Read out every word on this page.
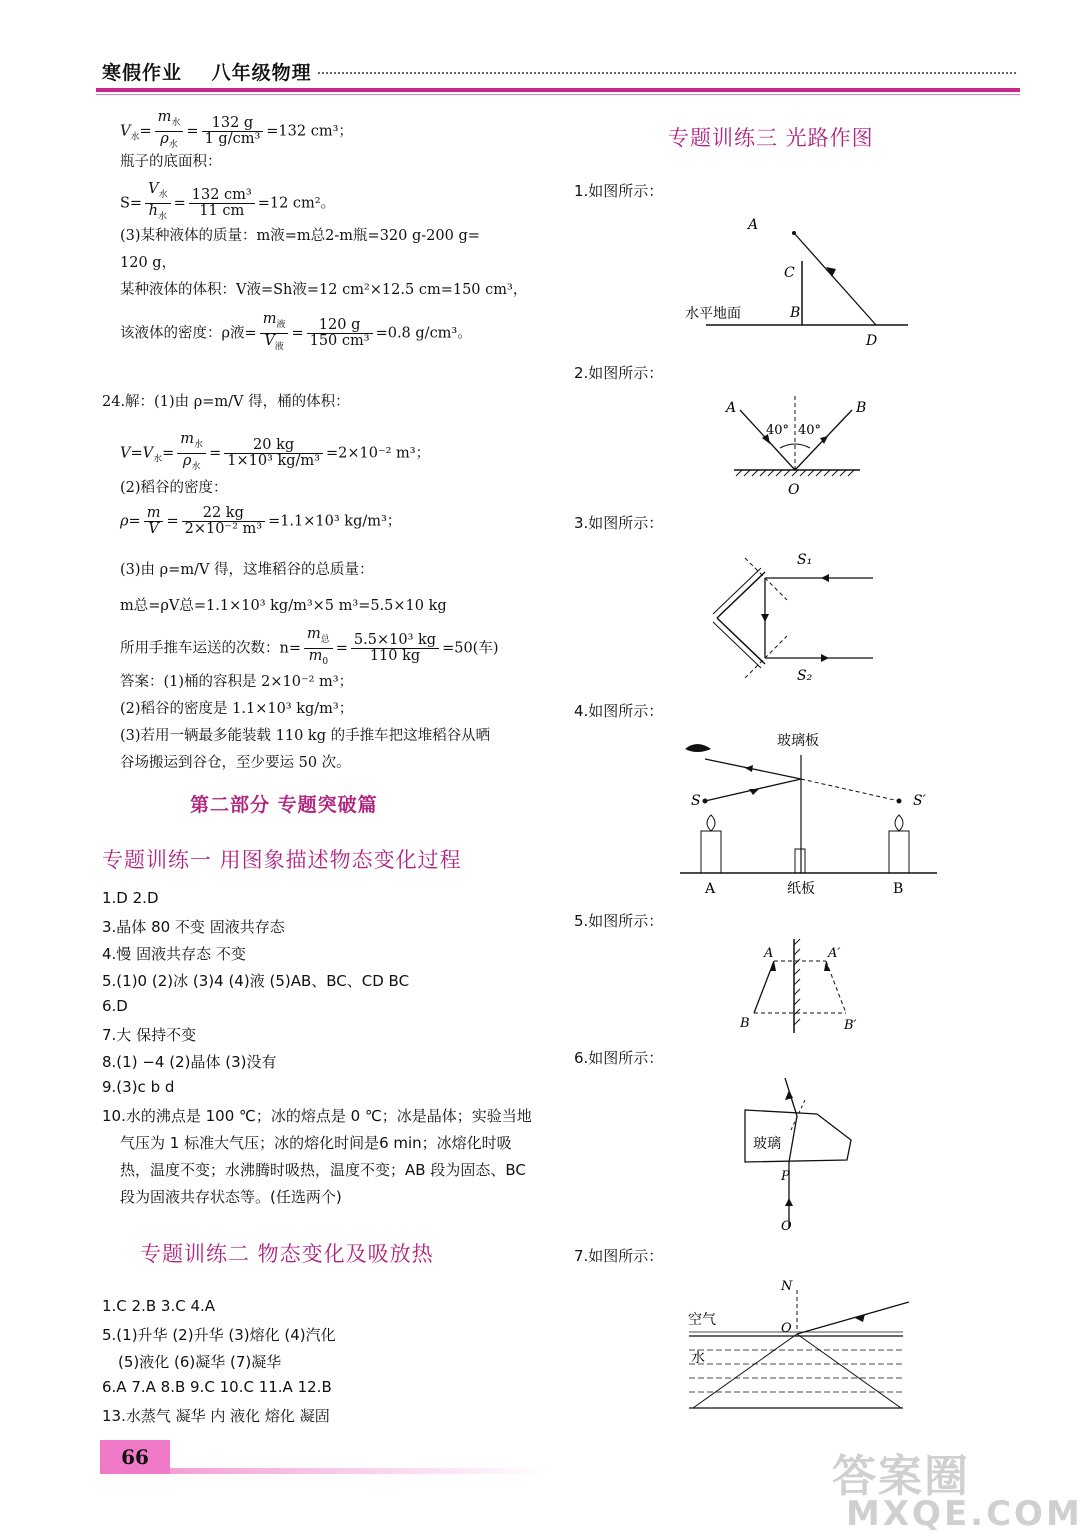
寒假作业 八年级物理
$V_水= \frac{m_水}{\rho_水} = \frac{132 g}{\text{1 g/cm³}} =132$ cm³；
瓶子的底面积：
$S= \frac{V_水}{h_水} = \frac{\text{132 cm³}}{11 cm} =12$ cm²。
(3)某种液体的质量：m液=m总2-m瓶=320 g-200 g=
120 g，
某种液体的体积：V液=Sh液=12 cm²×12.5 cm=150 cm³，
该液体的密度：ρ液= $\frac{m_液}{V_液} = \frac{120 g}{\text{150 cm³}} =0.8$ g/cm³。
24.解：(1)由 ρ=m/V 得，桶的体积：
$V=V_水= \frac{m_水}{\rho_水} = \frac{20 kg}{\text{1×10³ kg/m³}} =2\times 10^{-2}$ m³；
(2)稻谷的密度：
$\rho= \frac{m}{V} = \frac{22 kg}{\text{2×10⁻² m³}} =1.1\times 10^3$ kg/m³；
(3)由 ρ=m/V 得，这堆稻谷的总质量：
m总=ρV总=1.1×10³ kg/m³×5 m³=5.5×10 kg
所用手推车运送的次数：$n= \frac{m_总}{m_0} = \frac{\text{5.5×10³ kg}}{110 kg} =50$(车)
答案：(1)桶的容积是 2×10⁻² m³；
(2)稻谷的密度是 1.1×10³ kg/m³；
(3)若用一辆最多能装载 110 kg 的手推车把这堆稻谷从晒
谷场搬运到谷仓，至少要运 50 次。
第二部分 专题突破篇
专题训练一 用图象描述物态变化过程
1.D 2.D
3.晶体 80 不变 固液共存态
4.慢 固液共存态 不变
5.(1)0 (2)冰 (3)4 (4)液 (5)AB、BC、CD BC
6.D
7.大 保持不变
8.(1) −4 (2)晶体 (3)没有
9.(3)c b d
10.水的沸点是 100 ℃；冰的熔点是 0 ℃；冰是晶体；实验当地
气压为 1 标准大气压；冰的熔化时间是6 min；冰熔化时吸
热，温度不变；水沸腾时吸热，温度不变；AB 段为固态、BC
段为固液共存状态等。(任选两个)
专题训练二 物态变化及吸放热
1.C 2.B 3.C 4.A
5.(1)升华 (2)升华 (3)熔化 (4)汽化
(5)液化 (6)凝华 (7)凝华
6.A 7.A 8.B 9.C 10.C 11.A 12.B
13.水蒸气 凝华 内 液化 熔化 凝固
专题训练三 光路作图
1.如图所示：
2.如图所示：
3.如图所示：
4.如图所示：
5.如图所示：
6.如图所示：
7.如图所示：
A
C
B
D
水平地面
A	B
40° 40°
O
S₁
S₂
玻璃板
S	S′
A	纸板	B
A	A′
B	B′
玻璃
P
O
N
空气
水
O
66	答案圈
MXQE.COM
